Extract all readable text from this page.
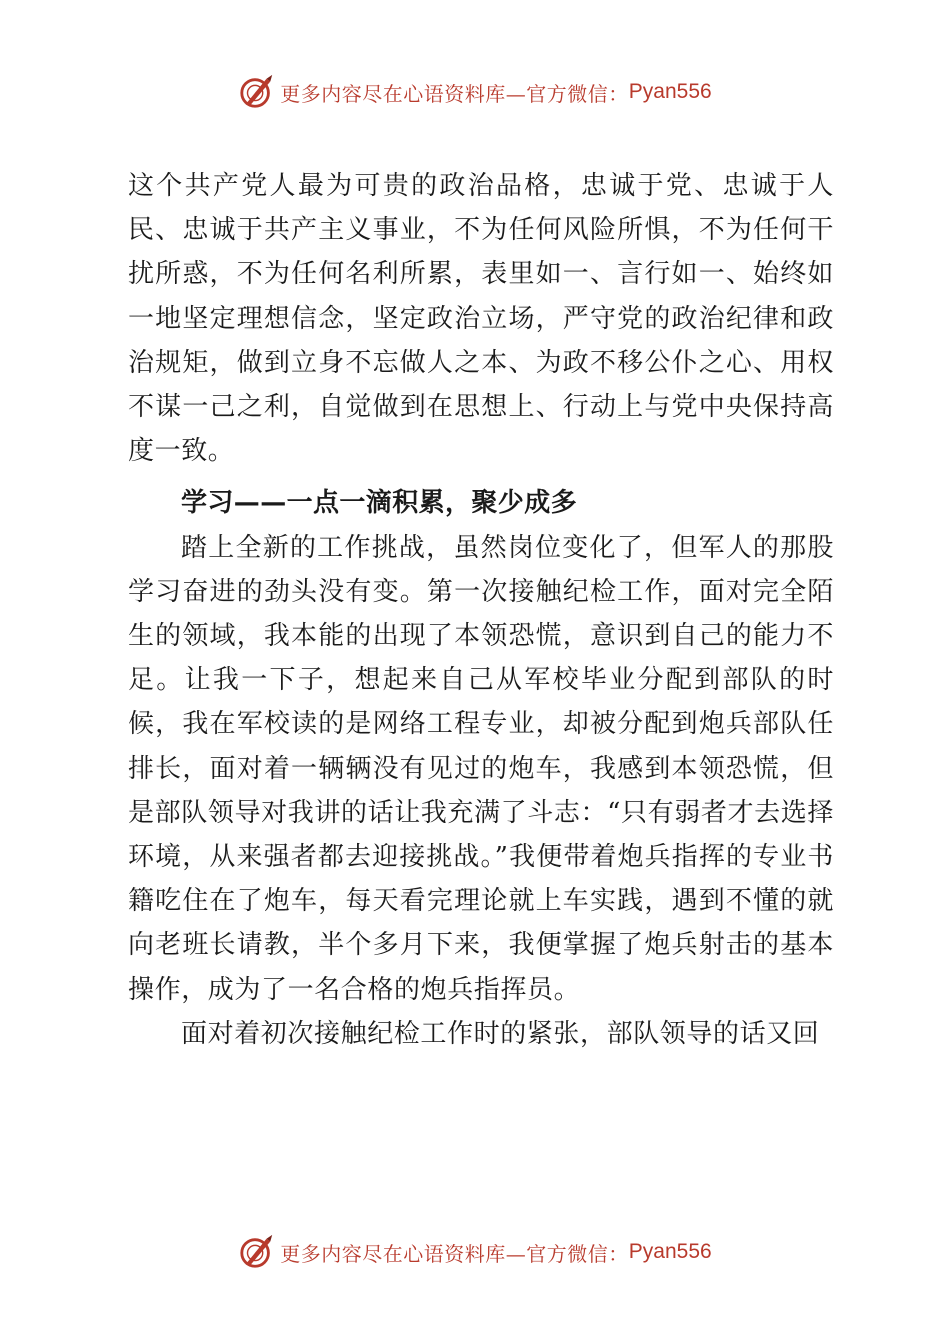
更多内容尽在心语资料库—官方微信： Pyan556

这个共产党人最为可贵的政治品格，忠诚于党、忠诚于人民、忠诚于共产主义事业，不为任何风险所惧，不为任何干扰所惑，不为任何名利所累，表里如一、言行如一、始终如一地坚定理想信念，坚定政治立场，严守党的政治纪律和政治规矩，做到立身不忘做人之本、为政不移公仆之心、用权不谋一己之利，自觉做到在思想上、行动上与党中央保持高度一致。

学习——一点一滴积累，聚少成多

踏上全新的工作挑战，虽然岗位变化了，但军人的那股学习奋进的劲头没有变。第一次接触纪检工作，面对完全陌生的领域，我本能的出现了本领恐慌，意识到自己的能力不足。让我一下子，想起来自己从军校毕业分配到部队的时候，我在军校读的是网络工程专业，却被分配到炮兵部队任排长，面对着一辆辆没有见过的炮车，我感到本领恐慌，但是部队领导对我讲的话让我充满了斗志：“只有弱者才去选择环境，从来强者都去迎接挑战。”我便带着炮兵指挥的专业书籍吃住在了炮车，每天看完理论就上车实践，遇到不懂的就向老班长请教，半个多月下来，我便掌握了炮兵射击的基本操作，成为了一名合格的炮兵指挥员。

面对着初次接触纪检工作时的紧张，部队领导的话又回

更多内容尽在心语资料库—官方微信： Pyan556
